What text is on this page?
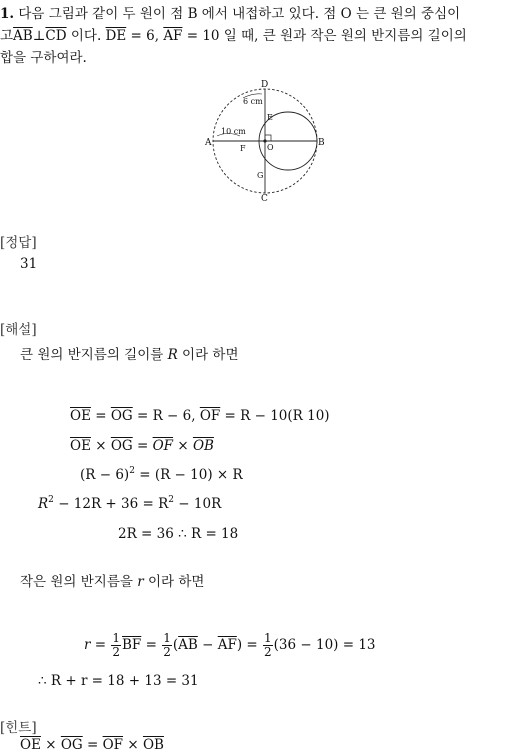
1. 다음 그림과 같이 두 원이 점 B 에서 내접하고 있다. 점 O 는 큰 원의 중심이
고$\overline{AB}\perp\overline{CD}$ 이다. $\overline{DE} = 6$, $\overline{AF} = 10$ 일 때, 큰 원과 작은 원의 반지름의 길이의
합을 구하여라.
D
6 cm
E
10 cm
A
F	O	B
G
C
[정답]
31
[해설]
큰 원의 반지름의 길이를 R 이라 하면
$\overline{OE} = \overline{OG} = R - 6$, $\overline{OF} = R - 10(R$ 10)
$\overline{OE} \times \overline{OG} = \overline{OF} \times \overline{OB}$
$(R - 6)^2 = (R - 10) \times R$
$R^2 - 12R + 36 = R^2 - 10R$
2R = 36 ∴ R = 18
작은 원의 반지름을 r 이라 하면
$r = \frac{1}{2} \overline{BF} = \frac{1}{2} (\overline{AB} - \overline{AF}) = \frac{1}{2} (36 - 10) = 13$
∴ R + r = 18 + 13 = 31
[힌트]
$\overline{OE} \times \overline{OG} = \overline{OF} \times \overline{OB}$
